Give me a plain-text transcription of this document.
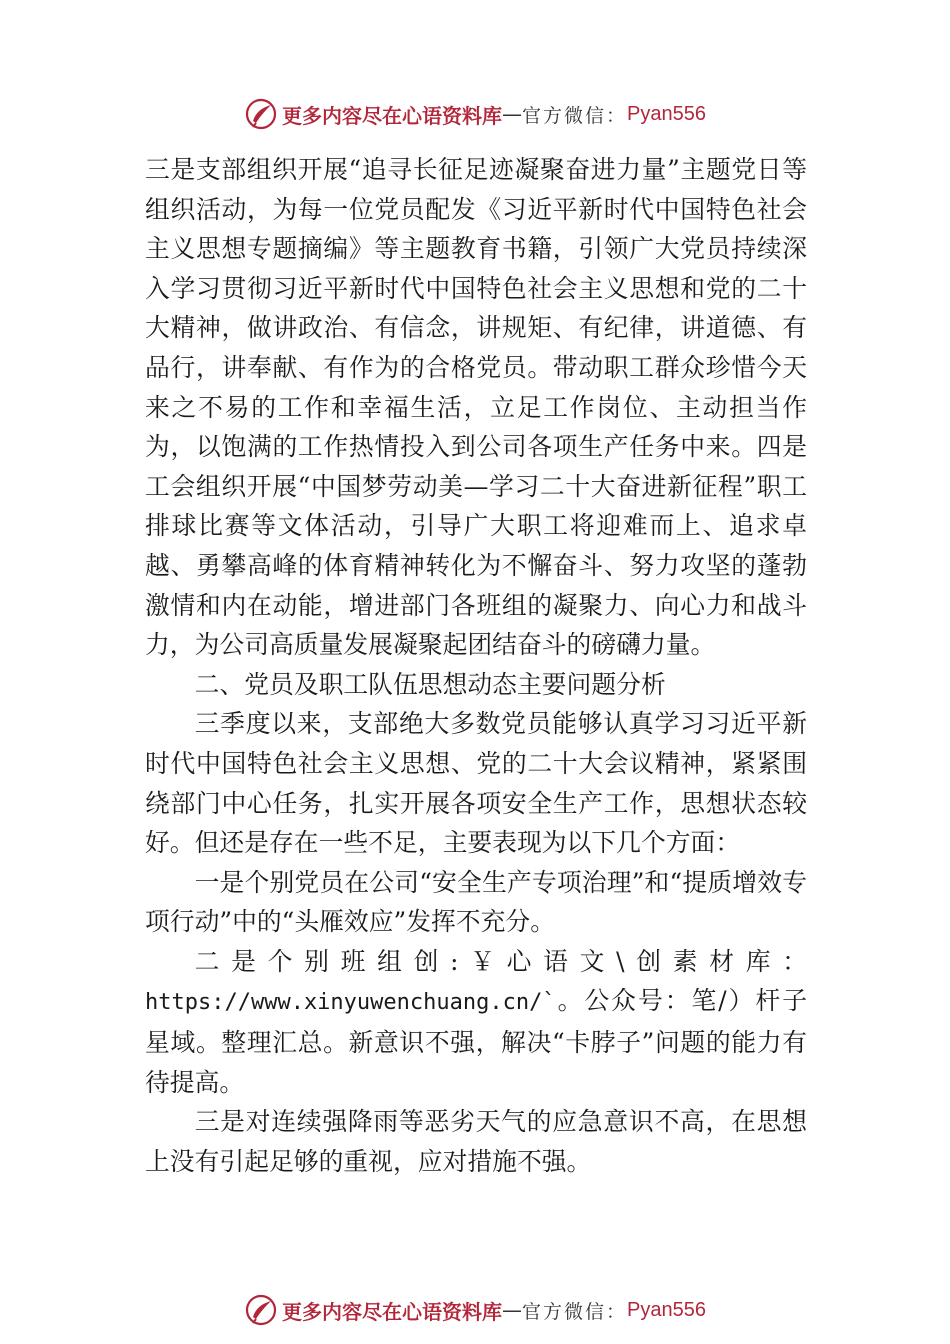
更多内容尽在心语资料库 — 官方微信： Pyan556

三是支部组织开展“追寻长征足迹凝聚奋进力量”主题党日等组织活动，为每一位党员配发《习近平新时代中国特色社会主义思想专题摘编》等主题教育书籍，引领广大党员持续深入学习贯彻习近平新时代中国特色社会主义思想和党的二十大精神，做讲政治、有信念，讲规矩、有纪律，讲道德、有品行，讲奉献、有作为的合格党员。带动职工群众珍惜今天来之不易的工作和幸福生活，立足工作岗位、主动担当作为，以饱满的工作热情投入到公司各项生产任务中来。四是工会组织开展“中国梦劳动美—学习二十大奋进新征程”职工排球比赛等文体活动，引导广大职工将迎难而上、追求卓越、勇攀高峰的体育精神转化为不懈奋斗、努力攻坚的蓬勃激情和内在动能，增进部门各班组的凝聚力、向心力和战斗力，为公司高质量发展凝聚起团结奋斗的磅礴力量。

二、党员及职工队伍思想动态主要问题分析

三季度以来，支部绝大多数党员能够认真学习习近平新时代中国特色社会主义思想、党的二十大会议精神，紧紧围绕部门中心任务，扎实开展各项安全生产工作，思想状态较好。但还是存在一些不足，主要表现为以下几个方面：

一是个别党员在公司“安全生产专项治理”和“提质增效专项行动”中的“头雁效应”发挥不充分。

二是个别班组创:￥心语文\创素材库：https://www.xinyuwenchuang.cn/`。公众号：笔/）杆子星域。整理汇总。新意识不强，解决“卡脖子”问题的能力有待提高。

三是对连续强降雨等恶劣天气的应急意识不高，在思想上没有引起足够的重视，应对措施不强。

更多内容尽在心语资料库 — 官方微信： Pyan556
